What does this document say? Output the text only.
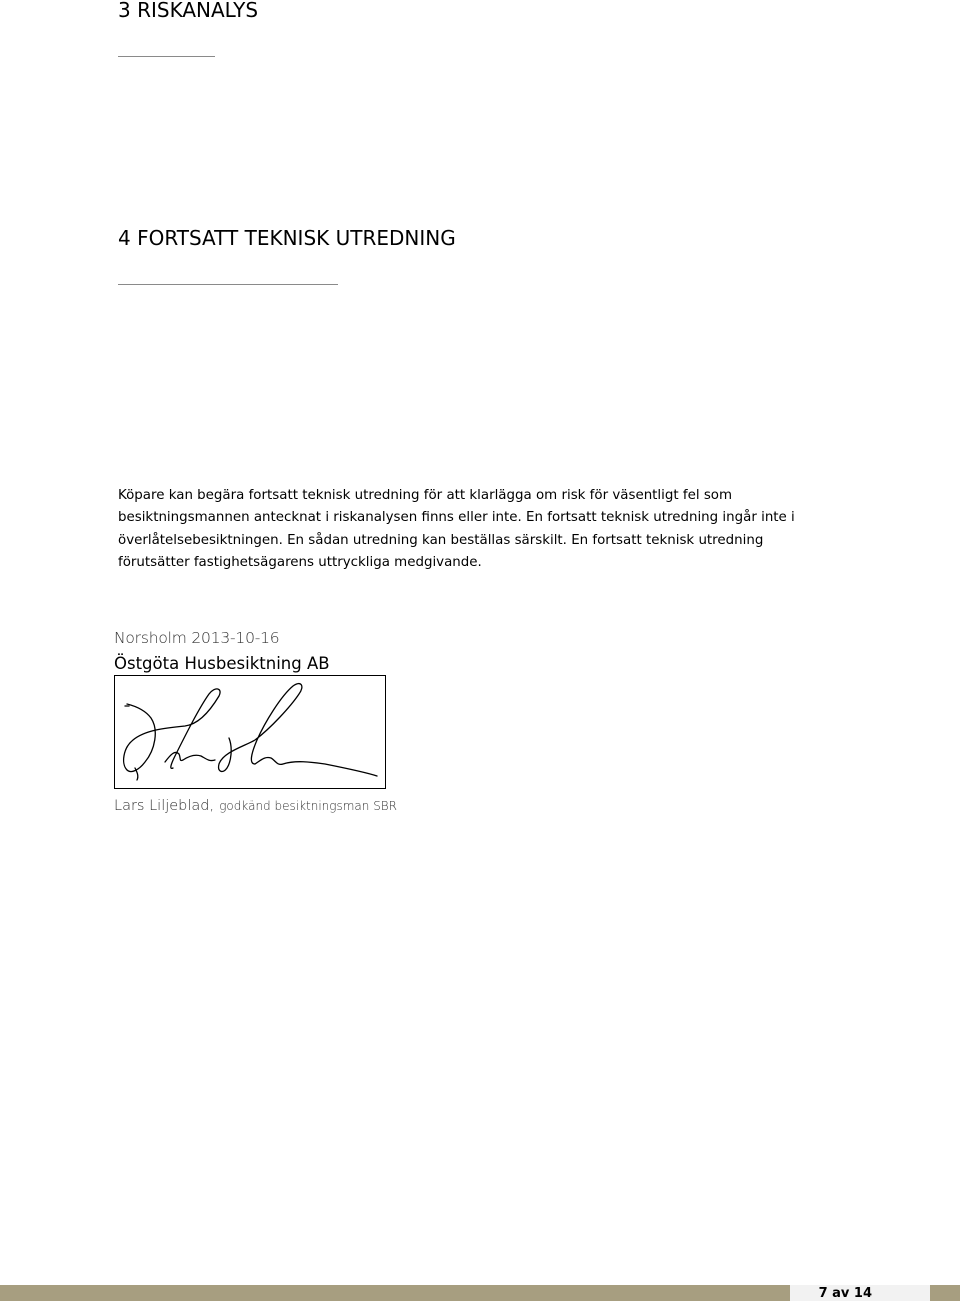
3 RISKANALYS
4 FORTSATT TEKNISK UTREDNING

Köpare kan begära fortsatt teknisk utredning för att klarlägga om risk för väsentligt fel som
besiktningsmannen antecknat i riskanalysen finns eller inte. En fortsatt teknisk utredning ingår inte i
överlåtelsebesiktningen. En sådan utredning kan beställas särskilt. En fortsatt teknisk utredning
förutsätter fastighetsägarens uttryckliga medgivande.

Norsholm 2013-10-16
Östgöta Husbesiktning AB
Lars Liljeblad, godkänd besiktningsman SBR
7 av 14
